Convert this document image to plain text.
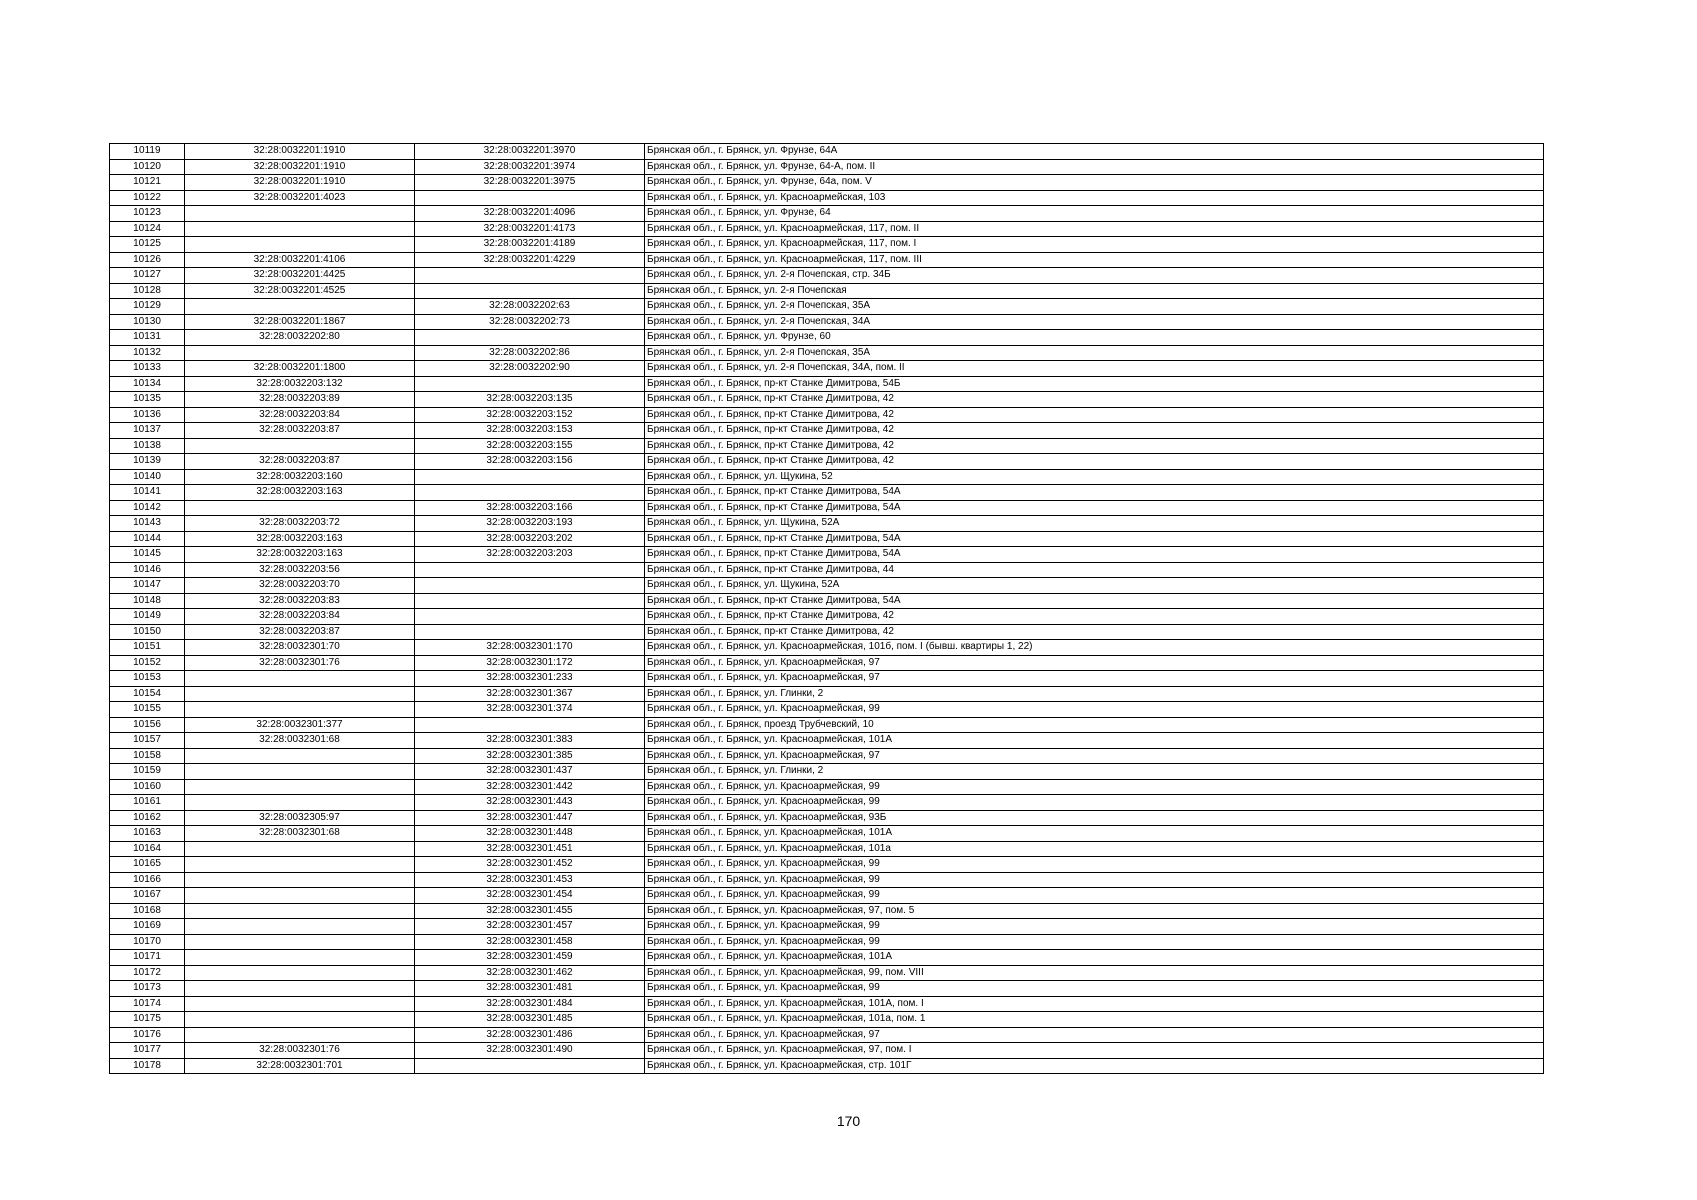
10119	32:28:0032201:1910	32:28:0032201:3970	Брянская обл., г. Брянск, ул. Фрунзе, 64А
10120	32:28:0032201:1910	32:28:0032201:3974	Брянская обл., г. Брянск, ул. Фрунзе, 64-А, пом. II
10121	32:28:0032201:1910	32:28:0032201:3975	Брянская обл., г. Брянск, ул. Фрунзе, 64а, пом. V
10122	32:28:0032201:4023		Брянская обл., г. Брянск, ул. Красноармейская, 103
10123		32:28:0032201:4096	Брянская обл., г. Брянск, ул. Фрунзе, 64
10124		32:28:0032201:4173	Брянская обл., г. Брянск, ул. Красноармейская, 117, пом. II
10125		32:28:0032201:4189	Брянская обл., г. Брянск, ул. Красноармейская, 117, пом. I
10126	32:28:0032201:4106	32:28:0032201:4229	Брянская обл., г. Брянск, ул. Красноармейская, 117, пом. III
10127	32:28:0032201:4425		Брянская обл., г. Брянск, ул. 2-я Почепская, стр. 34Б
10128	32:28:0032201:4525		Брянская обл., г. Брянск, ул. 2-я Почепская
10129		32:28:0032202:63	Брянская обл., г. Брянск, ул. 2-я Почепская, 35А
10130	32:28:0032201:1867	32:28:0032202:73	Брянская обл., г. Брянск, ул. 2-я Почепская, 34А
10131	32:28:0032202:80		Брянская обл., г. Брянск, ул. Фрунзе, 60
10132		32:28:0032202:86	Брянская обл., г. Брянск, ул. 2-я Почепская, 35А
10133	32:28:0032201:1800	32:28:0032202:90	Брянская обл., г. Брянск, ул. 2-я Почепская, 34А, пом. II
10134	32:28:0032203:132		Брянская обл., г. Брянск, пр-кт Станке Димитрова, 54Б
10135	32:28:0032203:89	32:28:0032203:135	Брянская обл., г. Брянск, пр-кт Станке Димитрова, 42
10136	32:28:0032203:84	32:28:0032203:152	Брянская обл., г. Брянск, пр-кт Станке Димитрова, 42
10137	32:28:0032203:87	32:28:0032203:153	Брянская обл., г. Брянск, пр-кт Станке Димитрова, 42
10138		32:28:0032203:155	Брянская обл., г. Брянск, пр-кт Станке Димитрова, 42
10139	32:28:0032203:87	32:28:0032203:156	Брянская обл., г. Брянск, пр-кт Станке Димитрова, 42
10140	32:28:0032203:160		Брянская обл., г. Брянск, ул. Щукина, 52
10141	32:28:0032203:163		Брянская обл., г. Брянск, пр-кт Станке Димитрова, 54А
10142		32:28:0032203:166	Брянская обл., г. Брянск, пр-кт Станке Димитрова, 54А
10143	32:28:0032203:72	32:28:0032203:193	Брянская обл., г. Брянск, ул. Щукина, 52А
10144	32:28:0032203:163	32:28:0032203:202	Брянская обл., г. Брянск, пр-кт Станке Димитрова, 54А
10145	32:28:0032203:163	32:28:0032203:203	Брянская обл., г. Брянск, пр-кт Станке Димитрова, 54А
10146	32:28:0032203:56		Брянская обл., г. Брянск, пр-кт Станке Димитрова, 44
10147	32:28:0032203:70		Брянская обл., г. Брянск, ул. Щукина, 52А
10148	32:28:0032203:83		Брянская обл., г. Брянск, пр-кт Станке Димитрова, 54А
10149	32:28:0032203:84		Брянская обл., г. Брянск, пр-кт Станке Димитрова, 42
10150	32:28:0032203:87		Брянская обл., г. Брянск, пр-кт Станке Димитрова, 42
10151	32:28:0032301:70	32:28:0032301:170	Брянская обл., г. Брянск, ул. Красноармейская, 101б, пом. I (бывш. квартиры 1, 22)
10152	32:28:0032301:76	32:28:0032301:172	Брянская обл., г. Брянск, ул. Красноармейская, 97
10153		32:28:0032301:233	Брянская обл., г. Брянск, ул. Красноармейская, 97
10154		32:28:0032301:367	Брянская обл., г. Брянск, ул. Глинки, 2
10155		32:28:0032301:374	Брянская обл., г. Брянск, ул. Красноармейская, 99
10156	32:28:0032301:377		Брянская обл., г. Брянск, проезд Трубчевский, 10
10157	32:28:0032301:68	32:28:0032301:383	Брянская обл., г. Брянск, ул. Красноармейская, 101А
10158		32:28:0032301:385	Брянская обл., г. Брянск, ул. Красноармейская, 97
10159		32:28:0032301:437	Брянская обл., г. Брянск, ул. Глинки, 2
10160		32:28:0032301:442	Брянская обл., г. Брянск, ул. Красноармейская, 99
10161		32:28:0032301:443	Брянская обл., г. Брянск, ул. Красноармейская, 99
10162	32:28:0032305:97	32:28:0032301:447	Брянская обл., г. Брянск, ул. Красноармейская, 93Б
10163	32:28:0032301:68	32:28:0032301:448	Брянская обл., г. Брянск, ул. Красноармейская, 101А
10164		32:28:0032301:451	Брянская обл., г. Брянск, ул. Красноармейская, 101а
10165		32:28:0032301:452	Брянская обл., г. Брянск, ул. Красноармейская, 99
10166		32:28:0032301:453	Брянская обл., г. Брянск, ул. Красноармейская, 99
10167		32:28:0032301:454	Брянская обл., г. Брянск, ул. Красноармейская, 99
10168		32:28:0032301:455	Брянская обл., г. Брянск, ул. Красноармейская, 97, пом. 5
10169		32:28:0032301:457	Брянская обл., г. Брянск, ул. Красноармейская, 99
10170		32:28:0032301:458	Брянская обл., г. Брянск, ул. Красноармейская, 99
10171		32:28:0032301:459	Брянская обл., г. Брянск, ул. Красноармейская, 101А
10172		32:28:0032301:462	Брянская обл., г. Брянск, ул. Красноармейская, 99, пом. VIII
10173		32:28:0032301:481	Брянская обл., г. Брянск, ул. Красноармейская, 99
10174		32:28:0032301:484	Брянская обл., г. Брянск, ул. Красноармейская, 101А, пом. I
10175		32:28:0032301:485	Брянская обл., г. Брянск, ул. Красноармейская, 101а, пом. 1
10176		32:28:0032301:486	Брянская обл., г. Брянск, ул. Красноармейская, 97
10177	32:28:0032301:76	32:28:0032301:490	Брянская обл., г. Брянск, ул. Красноармейская, 97, пом. I
10178	32:28:0032301:701		Брянская обл., г. Брянск, ул. Красноармейская, стр. 101Г
170
